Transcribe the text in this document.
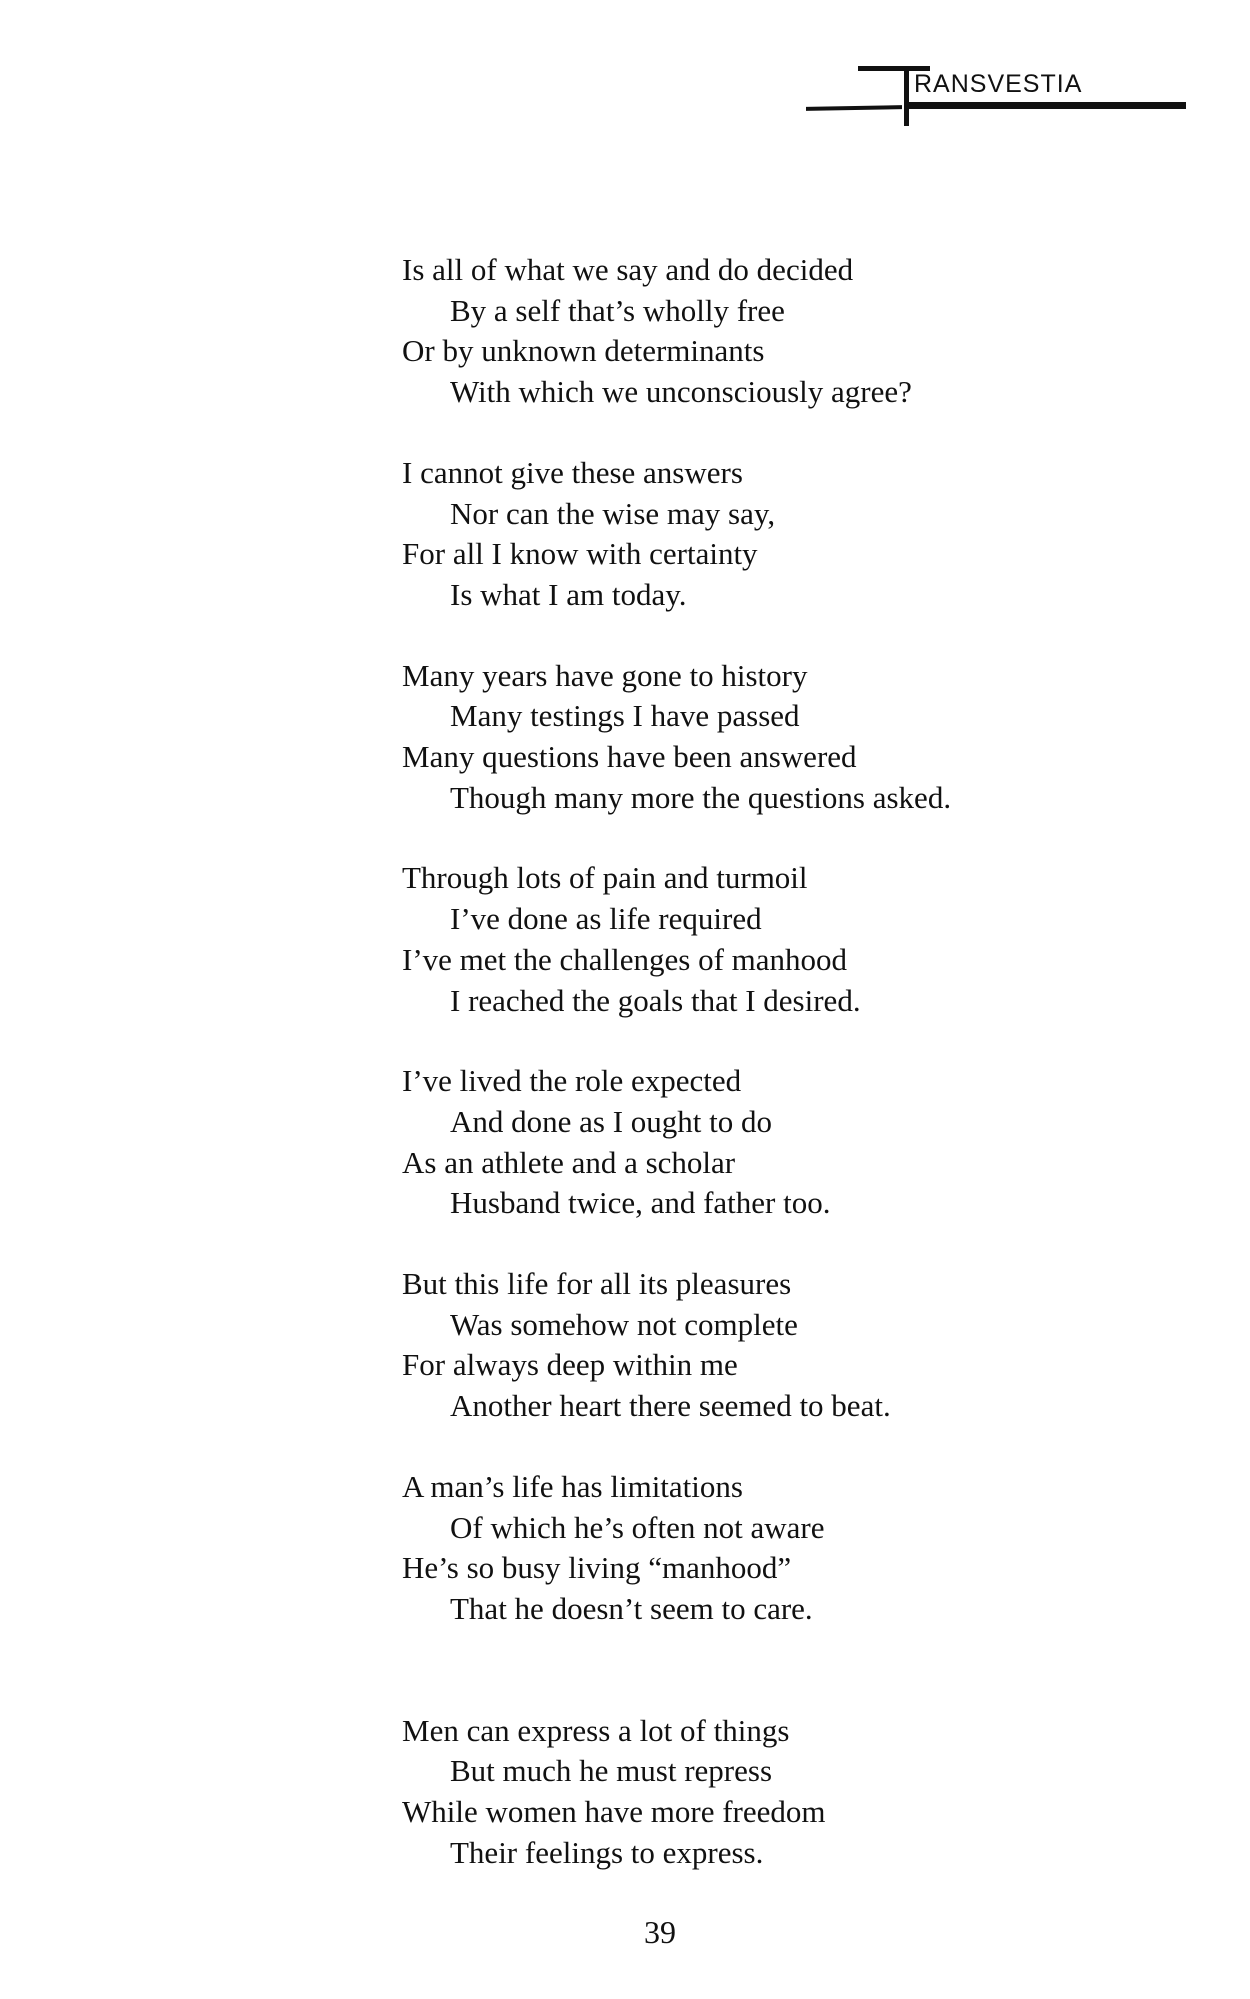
RANSVESTIA
Is all of what we say and do decided
By a self that’s wholly free
Or by unknown determinants
With which we unconsciously agree?
I cannot give these answers
Nor can the wise may say,
For all I know with certainty
Is what I am today.
Many years have gone to history
Many testings I have passed
Many questions have been answered
Though many more the questions asked.
Through lots of pain and turmoil
I’ve done as life required
I’ve met the challenges of manhood
I reached the goals that I desired.
I’ve lived the role expected
And done as I ought to do
As an athlete and a scholar
Husband twice, and father too.
But this life for all its pleasures
Was somehow not complete
For always deep within me
Another heart there seemed to beat.
A man’s life has limitations
Of which he’s often not aware
He’s so busy living “manhood”
That he doesn’t seem to care.
Men can express a lot of things
But much he must repress
While women have more freedom
Their feelings to express.
39
